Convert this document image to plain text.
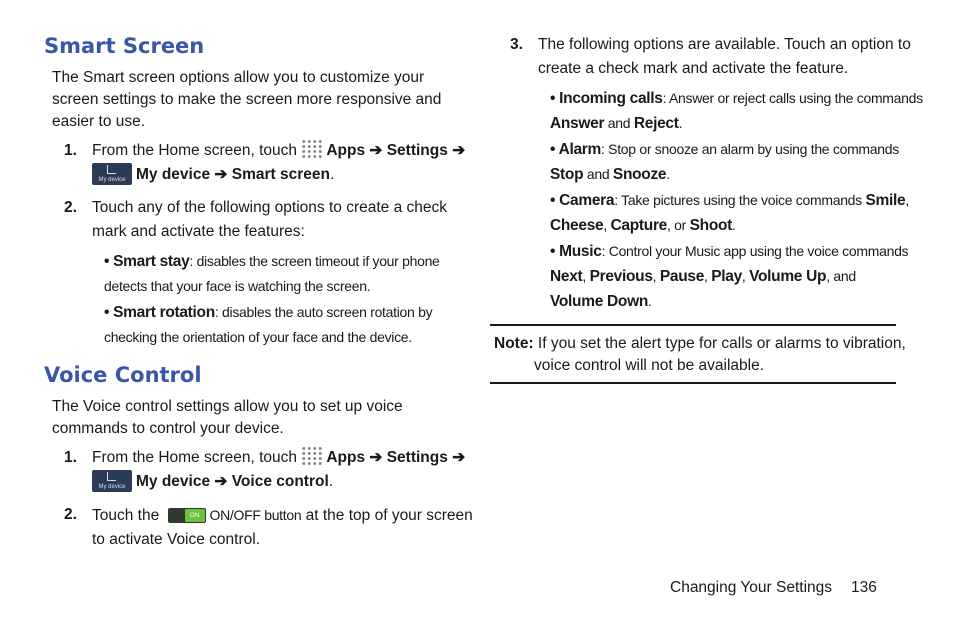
Smart Screen

The Smart screen options allow you to customize your
screen settings to make the screen more responsive and
easier to use.

1. From the Home screen, touch Apps ➔ Settings ➔

My device My device ➔ Smart screen.
2. Touch any of the following options to create a check
mark and activate the features:
• Smart stay: disables the screen timeout if your phone
detects that your face is watching the screen.
• Smart rotation: disables the auto screen rotation by
checking the orientation of your face and the device.
Voice Control

The Voice control settings allow you to set up voice
commands to control your device.

1. From the Home screen, touch Apps ➔ Settings ➔

My device My device ➔ Voice control.
2. Touch the	ON ON/OFF button at the top of your screen
to activate Voice control.
3. The following options are available. Touch an option to
create a check mark and activate the feature.
• Incoming calls: Answer or reject calls using the commands
Answer and Reject.
• Alarm: Stop or snooze an alarm by using the commands
Stop and Snooze.
• Camera: Take pictures using the voice commands Smile,
Cheese, Capture, or Shoot.
• Music: Control your Music app using the voice commands
Next, Previous, Pause, Play, Volume Up, and
Volume Down.
Note: If you set the alert type for calls or alarms to vibration,
voice control will not be available.
Changing Your Settings 136
